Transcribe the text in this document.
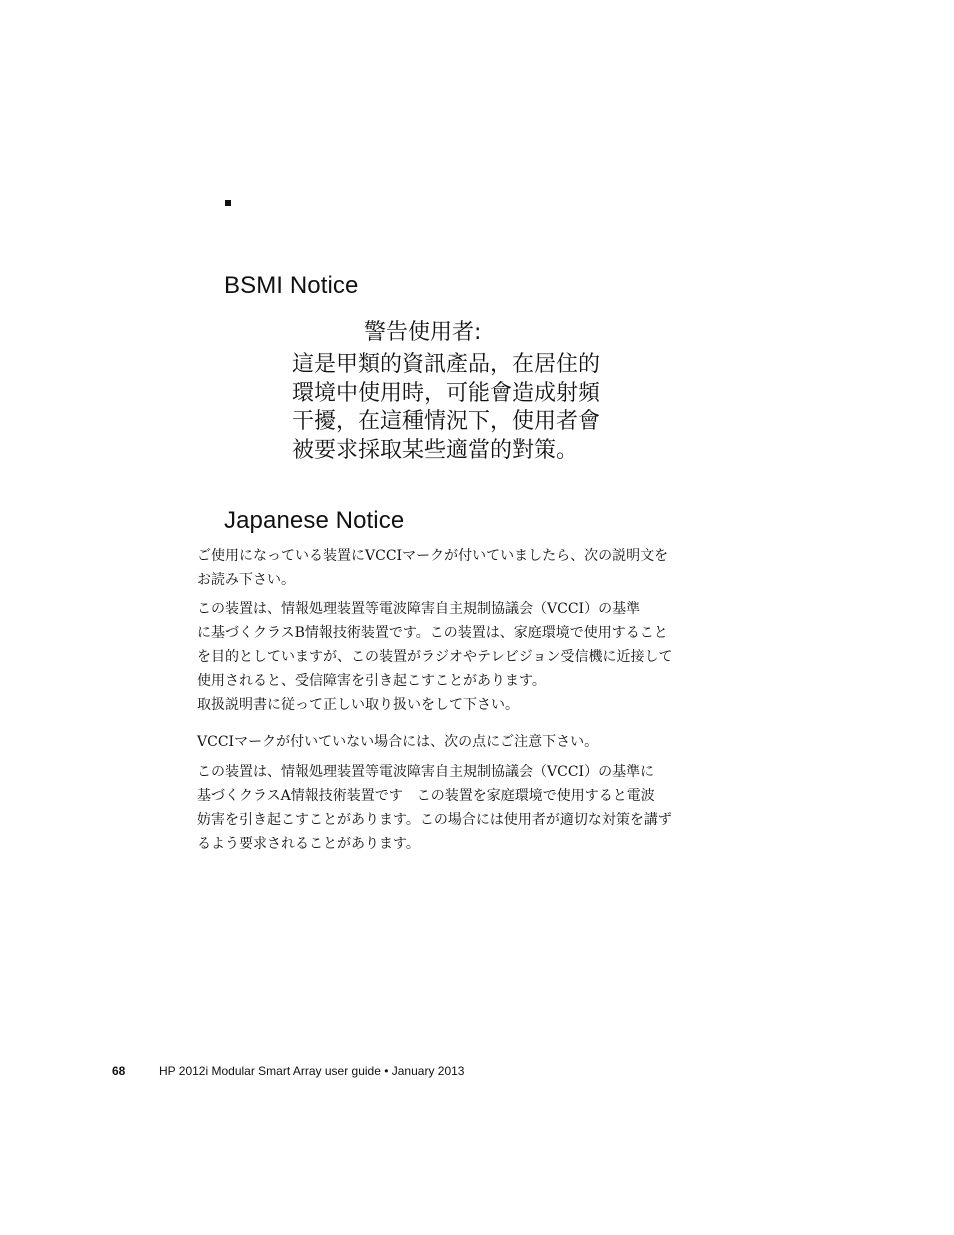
BSMI Notice
警告使用者:
這是甲類的資訊產品，在居住的
環境中使用時，可能會造成射頻
干擾，在這種情況下，使用者會
被要求採取某些適當的對策。
Japanese Notice
ご使用になっている装置にVCCIマークが付いていましたら、次の説明文を
お読み下さい。
この装置は、情報処理装置等電波障害自主規制協議会（VCCI）の基準
に基づくクラスB情報技術装置です。この装置は、家庭環境で使用すること
を目的としていますが、この装置がラジオやテレビジョン受信機に近接して
使用されると、受信障害を引き起こすことがあります。
取扱説明書に従って正しい取り扱いをして下さい。
VCCIマークが付いていない場合には、次の点にご注意下さい。
この装置は、情報処理装置等電波障害自主規制協議会（VCCI）の基準に
基づくクラスA情報技術装置です　この装置を家庭環境で使用すると電波
妨害を引き起こすことがあります。この場合には使用者が適切な対策を講ず
るよう要求されることがあります。
68	HP 2012i Modular Smart Array user guide • January 2013
